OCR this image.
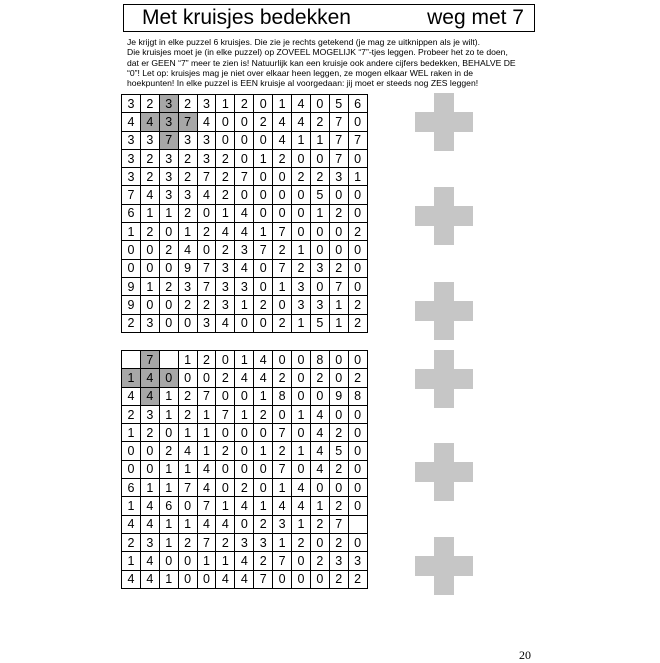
Met kruisjes bedekken	weg met 7

Je krijgt in elke puzzel 6 kruisjes. Die zie je rechts getekend (je mag ze uitknippen als je wilt).

Die kruisjes moet je (in elke puzzel) op ZOVEEL MOGELIJK “7”-tjes leggen. Probeer het zo te doen,

dat er GEEN “7” meer te zien is! Natuurlijk kan een kruisje ook andere cijfers bedekken, BEHALVE DE

“0”! Let op: kruisjes mag je niet over elkaar heen leggen, ze mogen elkaar WEL raken in de

hoekpunten! In elke puzzel is EEN kruisje al voorgedaan: jij moet er steeds nog ZES leggen!

3	2	3	2	3	1	2	0	1	4	0	5	6
4	4	3	7	4	0	0	2	4	4	2	7	0
3	3	7	3	3	0	0	0	4	1	1	7	7
3	2	3	2	3	2	0	1	2	0	0	7	0
3	2	3	2	7	2	7	0	0	2	2	3	1
7	4	3	3	4	2	0	0	0	0	5	0	0
6	1	1	2	0	1	4	0	0	0	1	2	0
1	2	0	1	2	4	4	1	7	0	0	0	2
0	0	2	4	0	2	3	7	2	1	0	0	0
0	0	0	9	7	3	4	0	7	2	3	2	0
9	1	2	3	7	3	3	0	1	3	0	7	0
9	0	0	2	2	3	1	2	0	3	3	1	2
2	3	0	0	3	4	0	0	2	1	5	1	2
	7		1	2	0	1	4	0	0	8	0	0
1	4	0	0	0	2	4	4	2	0	2	0	2
4	4	1	2	7	0	0	1	8	0	0	9	8
2	3	1	2	1	7	1	2	0	1	4	0	0
1	2	0	1	1	0	0	0	7	0	4	2	0
0	0	2	4	1	2	0	1	2	1	4	5	0
0	0	1	1	4	0	0	0	7	0	4	2	0
6	1	1	7	4	0	2	0	1	4	0	0	0
1	4	6	0	7	1	4	1	4	4	1	2	0
4	4	1	1	4	4	0	2	3	1	2	7	
2	3	1	2	7	2	3	3	1	2	0	2	0
1	4	0	0	1	1	4	2	7	0	2	3	3
4	4	1	0	0	4	4	7	0	0	0	2	2
20
